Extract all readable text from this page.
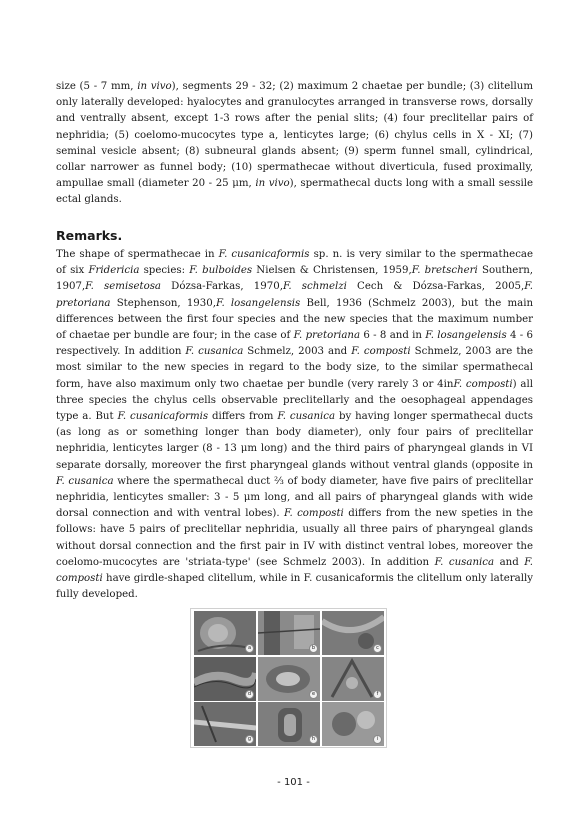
size (5 - 7 mm, in vivo), segments 29 - 32; (2) maximum 2 chaetae per bundle; (3) clitellum only laterally developed: hyalocytes and granulocytes arranged in transverse rows, dorsally and ventrally absent, except 1-3 rows after the penial slits; (4) four preclitellar pairs of nephridia; (5) coelomo-mucocytes type a, lenticytes large; (6) chylus cells in X - XI; (7) seminal vesicle absent; (8) subneural glands absent; (9) sperm funnel small, cylindrical, collar narrower as funnel body; (10) spermathecae without diverticula, fused proximally, ampullae small (diameter 20 - 25 μm, in vivo), spermathecal ducts long with a small sessile ectal glands.

Remarks.

The shape of spermathecae in F. cusanicaformis sp. n. is very similar to the spermathecae of six Fridericia species: F. bulboides Nielsen & Christensen, 1959,F. bretscheri Southern, 1907,F. semisetosa Dózsa-Farkas, 1970,F. schmelzi Cech & Dózsa-Farkas, 2005,F. pretoriana Stephenson, 1930,F. losangelensis Bell, 1936 (Schmelz 2003), but the main differences between the first four species and the new species that the maximum number of chaetae per bundle are four; in the case of F. pretoriana 6 - 8 and in F. losangelensis 4 - 6 respectively. In addition F. cusanica Schmelz, 2003 and F. composti Schmelz, 2003 are the most similar to the new species in regard to the body size, to the similar spermathecal form, have also maximum only two chaetae per bundle (very rarely 3 or 4inF. composti) all three species the chylus cells observable preclitellarly and the oesophageal appendages type a. But F. cusanicaformis differs from F. cusanica by having longer spermathecal ducts (as long as or something longer than body diameter), only four pairs of preclitellar nephridia, lenticytes larger (8 - 13 μm long) and the third pairs of pharyngeal glands in VI separate dorsally, moreover the first pharyngeal glands without ventral glands (opposite in F. cusanica where the spermathecal duct ⅔ of body diameter, have five pairs of preclitellar nephridia, lenticytes smaller: 3 - 5 μm long, and all pairs of pharyngeal glands with wide dorsal connection and with ventral lobes). F. composti differs from the new speties in the follows: have 5 pairs of preclitellar nephridia, usually all three pairs of pharyngeal glands without dorsal connection and the first pair in IV with distinct ventral lobes, moreover the coelomo-mucocytes are 'striata-type' (see Schmelz 2003). In addition F. cusanica and F. composti have girdle-shaped clitellum, while in F. cusanicaformis the clitellum only laterally fully developed.

a	b	c
d	e	f
g	h	i
- 101 -
